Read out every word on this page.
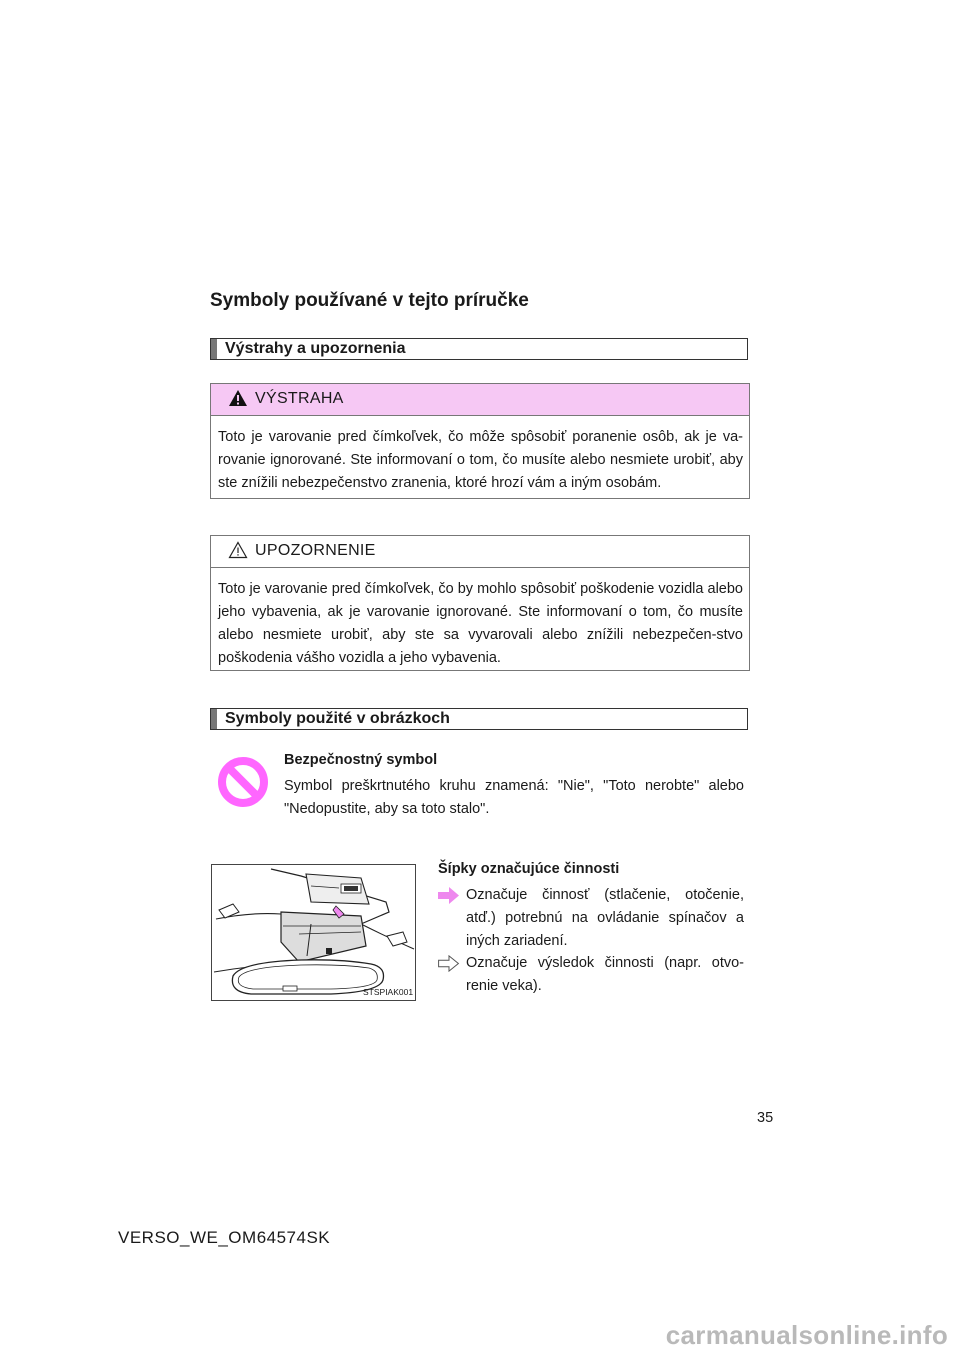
Symboly používané v tejto príručke
Výstrahy a upozornenia
VÝSTRAHA
Toto je varovanie pred čímkoľvek, čo môže spôsobiť poranenie osôb, ak je va-rovanie ignorované. Ste informovaní o tom, čo musíte alebo nesmiete urobiť, aby ste znížili nebezpečenstvo zranenia, ktoré hrozí vám a iným osobám.
UPOZORNENIE
Toto je varovanie pred čímkoľvek, čo by mohlo spôsobiť poškodenie vozidla alebo jeho vybavenia, ak je varovanie ignorované. Ste informovaní o tom, čo musíte alebo nesmiete urobiť, aby ste sa vyvarovali alebo znížili nebezpečen-stvo poškodenia vášho vozidla a jeho vybavenia.
Symboly použité v obrázkoch
Bezpečnostný symbol
Symbol preškrtnutého kruhu znamená: "Nie", "Toto nerobte" alebo "Nedopustite, aby sa toto stalo".
STSPIAK001
Šípky označujúce činnosti
Označuje činnosť (stlačenie, otočenie, atď.) potrebnú na ovládanie spínačov a iných zariadení.
Označuje výsledok činnosti (napr. otvo-renie veka).
35
VERSO_WE_OM64574SK
carmanualsonline.info
